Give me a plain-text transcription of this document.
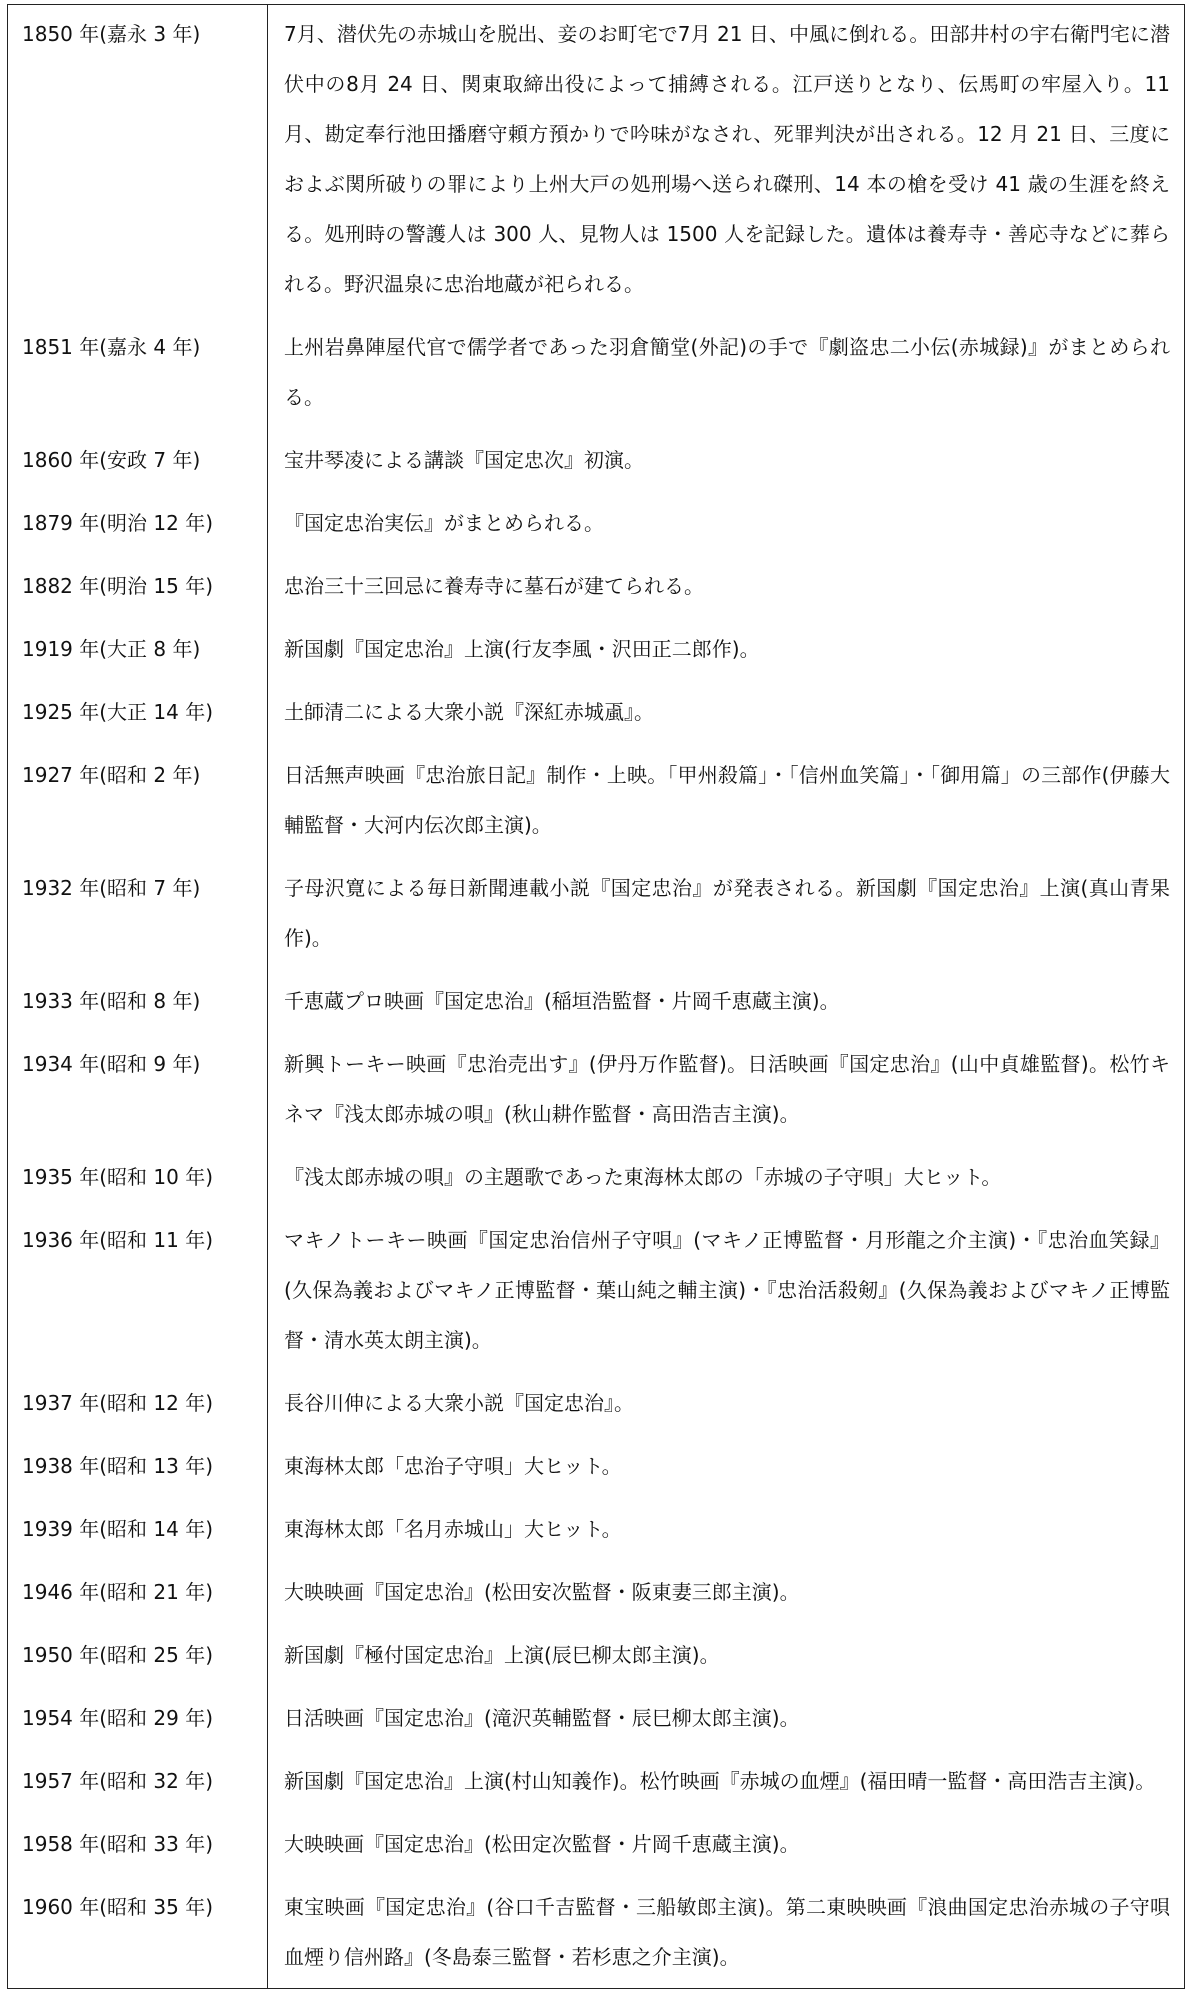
1850 年(嘉永 3 年)	7月、潜伏先の赤城山を脱出、妾のお町宅で7月 21 日、中風に倒れる。田部井村の宇右衛門宅に潜伏中の8月 24 日、関東取締出役によって捕縛される。江戸送りとなり、伝馬町の牢屋入り。11 月、勘定奉行池田播磨守頼方預かりで吟味がなされ、死罪判決が出される。12 月 21 日、三度におよぶ関所破りの罪により上州大戸の処刑場へ送られ磔刑、14 本の槍を受け 41 歳の生涯を終える。処刑時の警護人は 300 人、見物人は 1500 人を記録した。遺体は養寿寺・善応寺などに葬られる。野沢温泉に忠治地蔵が祀られる。
1851 年(嘉永 4 年)	上州岩鼻陣屋代官で儒学者であった羽倉簡堂(外記)の手で『劇盗忠二小伝(赤城録)』がまとめられる。
1860 年(安政 7 年)	宝井琴凌による講談『国定忠次』初演。
1879 年(明治 12 年)	『国定忠治実伝』がまとめられる。
1882 年(明治 15 年)	忠治三十三回忌に養寿寺に墓石が建てられる。
1919 年(大正 8 年)	新国劇『国定忠治』上演(行友李風・沢田正二郎作)。
1925 年(大正 14 年)	土師清二による大衆小説『深紅赤城颪』。
1927 年(昭和 2 年)	日活無声映画『忠治旅日記』制作・上映。「甲州殺篇」・「信州血笑篇」・「御用篇」の三部作(伊藤大輔監督・大河内伝次郎主演)。
1932 年(昭和 7 年)	子母沢寛による毎日新聞連載小説『国定忠治』が発表される。新国劇『国定忠治』上演(真山青果作)。
1933 年(昭和 8 年)	千恵蔵プロ映画『国定忠治』(稲垣浩監督・片岡千恵蔵主演)。
1934 年(昭和 9 年)	新興トーキー映画『忠治売出す』(伊丹万作監督)。日活映画『国定忠治』(山中貞雄監督)。松竹キネマ『浅太郎赤城の唄』(秋山耕作監督・高田浩吉主演)。
1935 年(昭和 10 年)	『浅太郎赤城の唄』の主題歌であった東海林太郎の「赤城の子守唄」大ヒット。
1936 年(昭和 11 年)	マキノトーキー映画『国定忠治信州子守唄』(マキノ正博監督・月形龍之介主演)・『忠治血笑録』(久保為義およびマキノ正博監督・葉山純之輔主演)・『忠治活殺剱』(久保為義およびマキノ正博監督・清水英太朗主演)。
1937 年(昭和 12 年)	長谷川伸による大衆小説『国定忠治』。
1938 年(昭和 13 年)	東海林太郎「忠治子守唄」大ヒット。
1939 年(昭和 14 年)	東海林太郎「名月赤城山」大ヒット。
1946 年(昭和 21 年)	大映映画『国定忠治』(松田安次監督・阪東妻三郎主演)。
1950 年(昭和 25 年)	新国劇『極付国定忠治』上演(辰巳柳太郎主演)。
1954 年(昭和 29 年)	日活映画『国定忠治』(滝沢英輔監督・辰巳柳太郎主演)。
1957 年(昭和 32 年)	新国劇『国定忠治』上演(村山知義作)。松竹映画『赤城の血煙』(福田晴一監督・高田浩吉主演)。
1958 年(昭和 33 年)	大映映画『国定忠治』(松田定次監督・片岡千恵蔵主演)。
1960 年(昭和 35 年)	東宝映画『国定忠治』(谷口千吉監督・三船敏郎主演)。第二東映映画『浪曲国定忠治赤城の子守唄血煙り信州路』(冬島泰三監督・若杉恵之介主演)。
